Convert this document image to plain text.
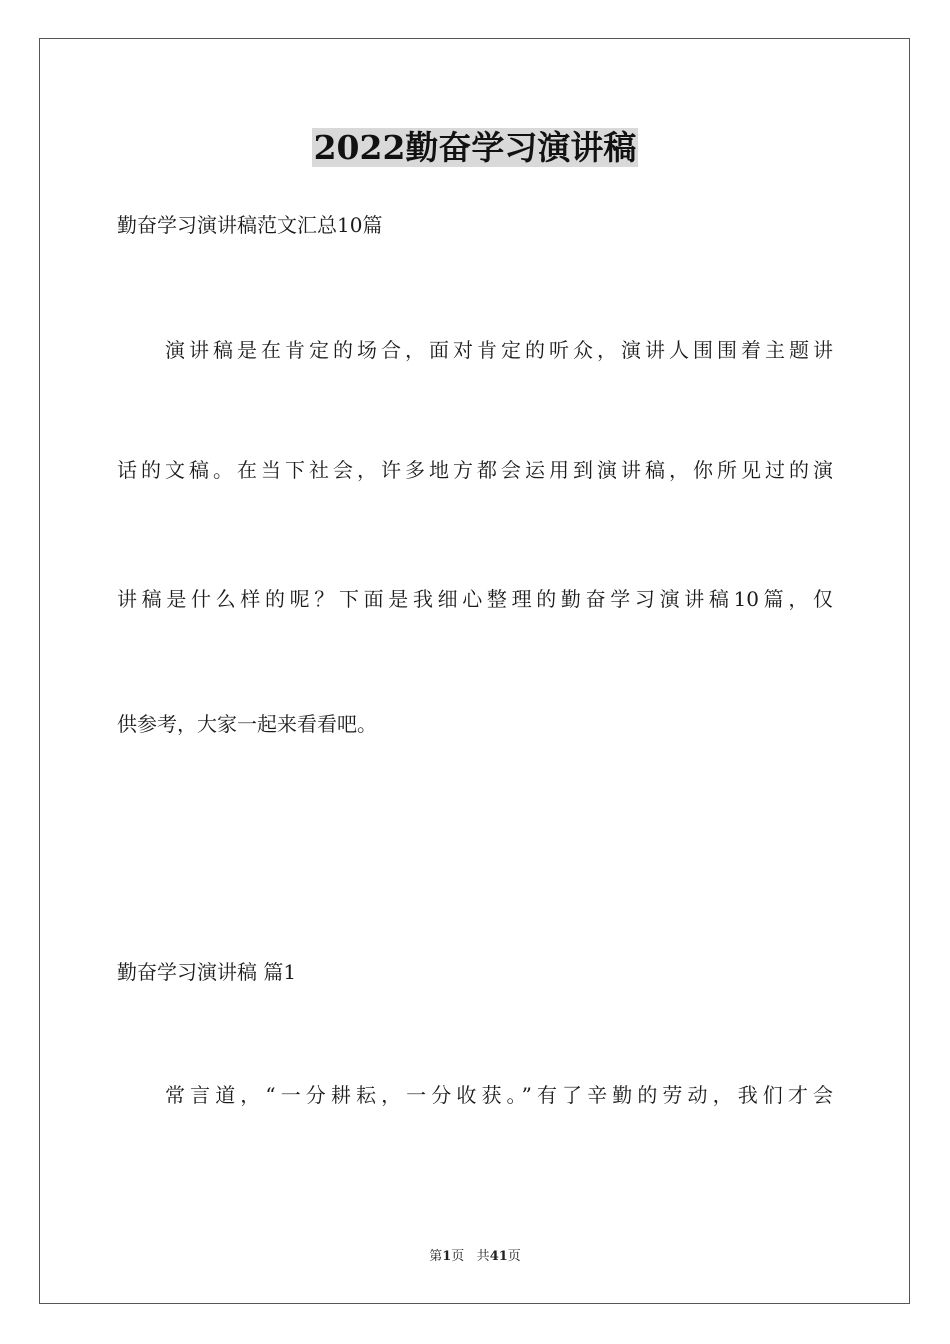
2022勤奋学习演讲稿
勤奋学习演讲稿范文汇总10篇
演讲稿是在肯定的场合，面对肯定的听众，演讲人围围着主题讲
话的文稿。在当下社会，许多地方都会运用到演讲稿，你所见过的演
讲稿是什么样的呢？下面是我细心整理的勤奋学习演讲稿10篇，仅
供参考，大家一起来看看吧。
勤奋学习演讲稿 篇1
常言道，“一分耕耘，一分收获。”有了辛勤的劳动，我们才会
第1页 共41页
